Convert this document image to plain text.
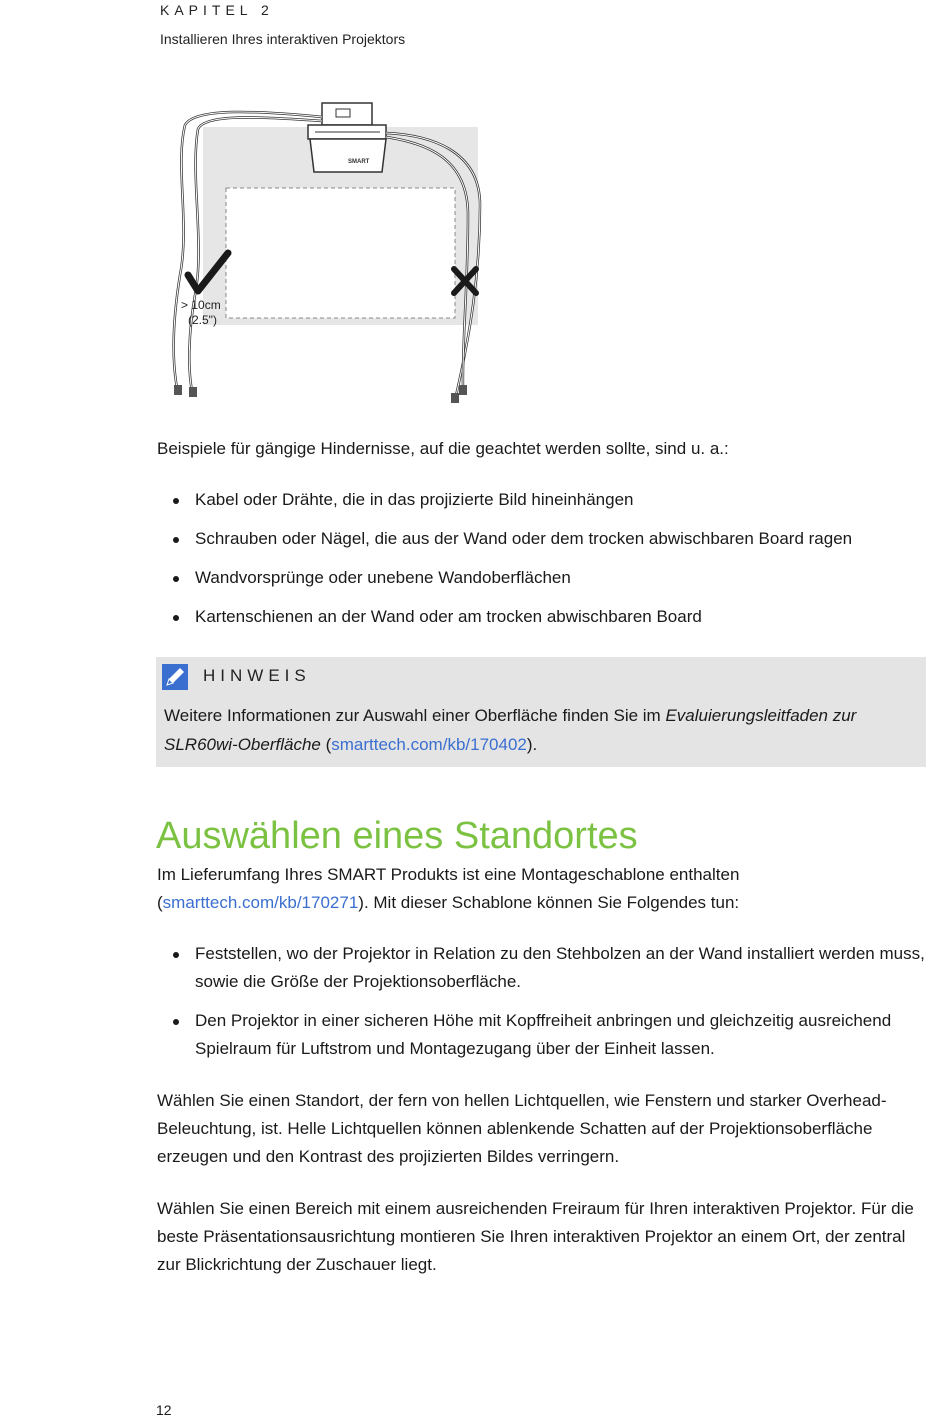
KAPITEL 2
Installieren Ihres interaktiven Projektors
SMART
> 10cm
(2.5")
Beispiele für gängige Hindernisse, auf die geachtet werden sollte, sind u. a.:
Kabel oder Drähte, die in das projizierte Bild hineinhängen
Schrauben oder Nägel, die aus der Wand oder dem trocken abwischbaren Board ragen
Wandvorsprünge oder unebene Wandoberflächen
Kartenschienen an der Wand oder am trocken abwischbaren Board
HINWEIS
Weitere Informationen zur Auswahl einer Oberfläche finden Sie im Evaluierungsleitfaden zur SLR60wi-Oberfläche (smarttech.com/kb/170402).
Auswählen eines Standortes
Im Lieferumfang Ihres SMART Produkts ist eine Montageschablone enthalten (smarttech.com/kb/170271). Mit dieser Schablone können Sie Folgendes tun:
Feststellen, wo der Projektor in Relation zu den Stehbolzen an der Wand installiert werden muss, sowie die Größe der Projektionsoberfläche.
Den Projektor in einer sicheren Höhe mit Kopffreiheit anbringen und gleichzeitig ausreichend Spielraum für Luftstrom und Montagezugang über der Einheit lassen.
Wählen Sie einen Standort, der fern von hellen Lichtquellen, wie Fenstern und starker Overhead-Beleuchtung, ist. Helle Lichtquellen können ablenkende Schatten auf der Projektionsoberfläche erzeugen und den Kontrast des projizierten Bildes verringern.
Wählen Sie einen Bereich mit einem ausreichenden Freiraum für Ihren interaktiven Projektor. Für die beste Präsentationsausrichtung montieren Sie Ihren interaktiven Projektor an einem Ort, der zentral zur Blickrichtung der Zuschauer liegt.
12
